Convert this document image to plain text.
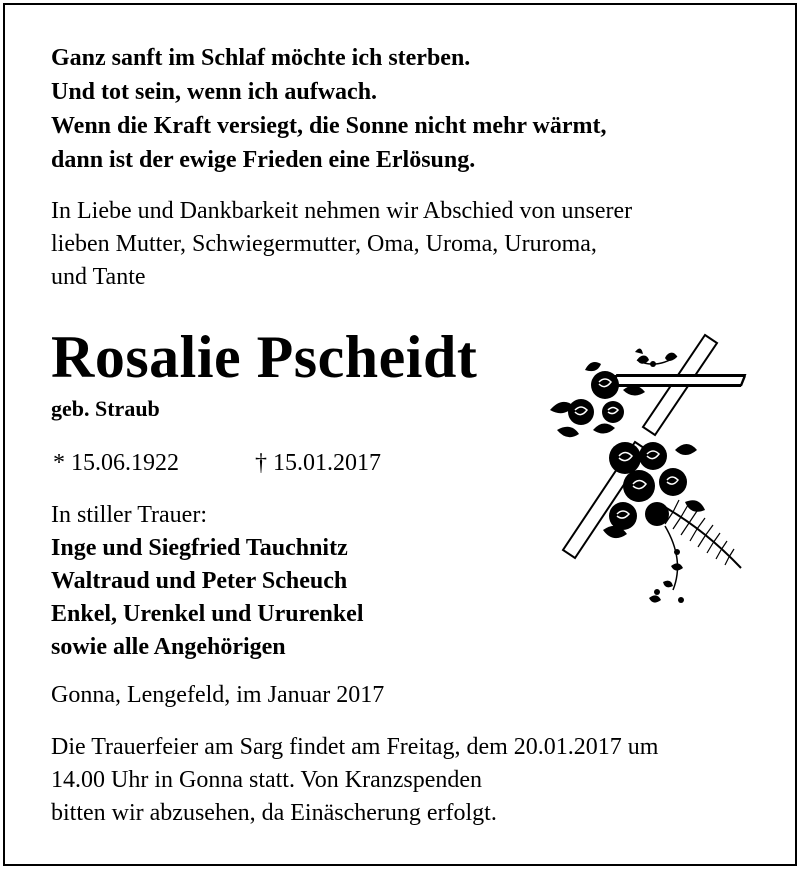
Ganz sanft im Schlaf möchte ich sterben.
Und tot sein, wenn ich aufwach.
Wenn die Kraft versiegt, die Sonne nicht mehr wärmt,
dann ist der ewige Frieden eine Erlösung.
In Liebe und Dankbarkeit nehmen wir Abschied von unserer
lieben Mutter, Schwiegermutter, Oma, Uroma, Ururoma,
und Tante
Rosalie Pscheidt
geb. Straub
* 15.06.1922	† 15.01.2017
In stiller Trauer:
Inge und Siegfried Tauchnitz
Waltraud und Peter Scheuch
Enkel, Urenkel und Ururenkel
sowie alle Angehörigen
Gonna, Lengefeld, im Januar 2017
Die Trauerfeier am Sarg findet am Freitag, dem 20.01.2017 um
14.00 Uhr in Gonna statt. Von Kranzspenden
bitten wir abzusehen, da Einäscherung erfolgt.
